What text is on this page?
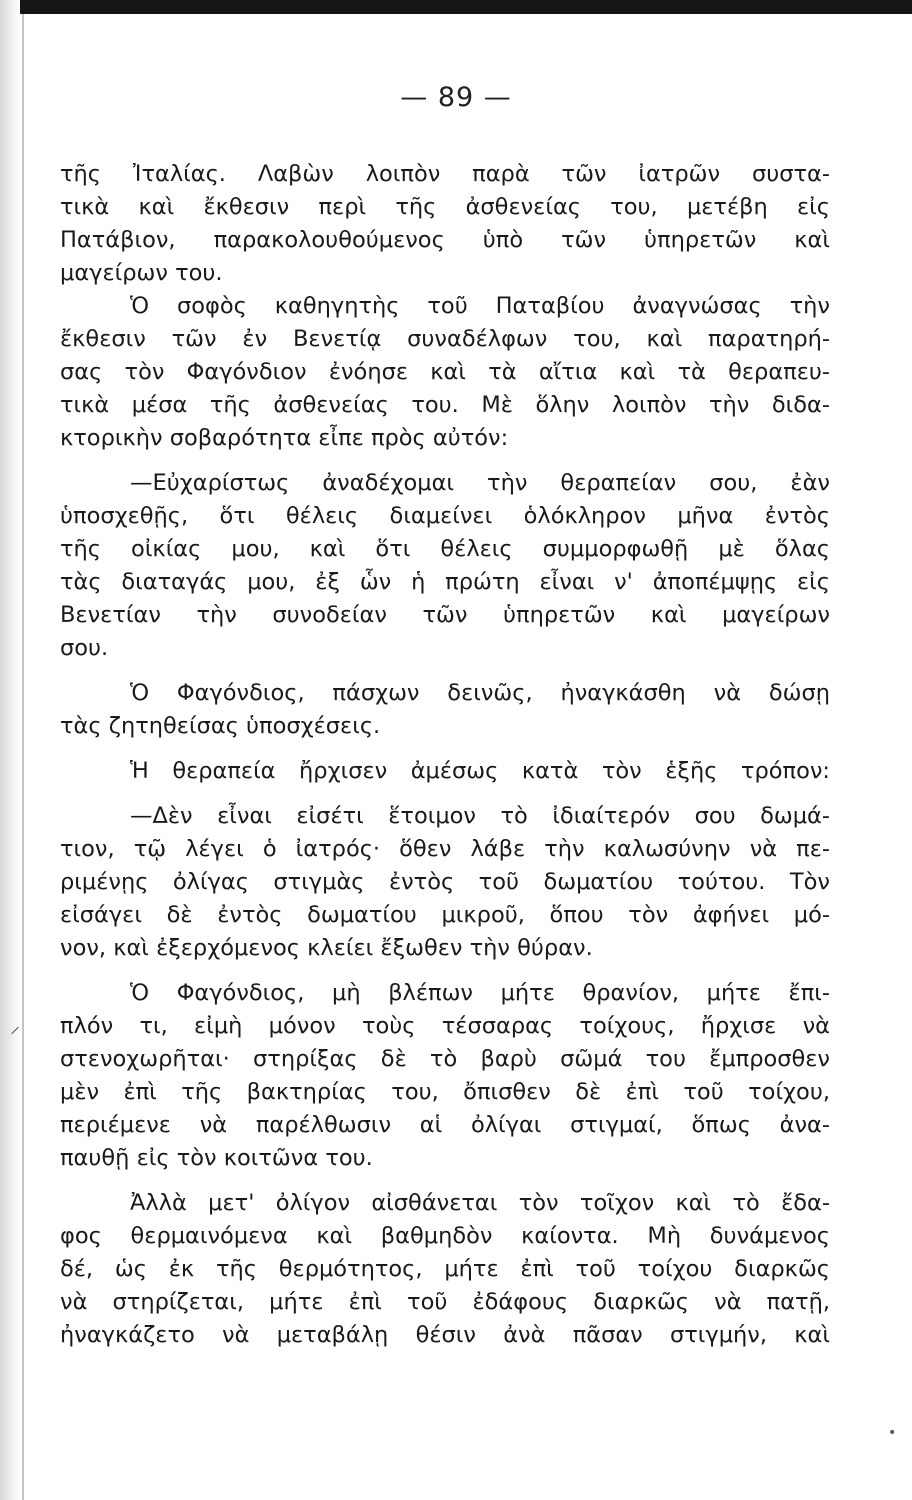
— 89 —
τῆς Ἰταλίας. Λαβὼν λοιπὸν παρὰ τῶν ἰατρῶν συστα-
τικὰ καὶ ἔκθεσιν περὶ τῆς ἀσθενείας του, μετέβη εἰς
Πατάβιον, παρακολουθούμενος ὑπὸ τῶν ὑπηρετῶν καὶ
μαγείρων του.
Ὁ σοφὸς καθηγητὴς τοῦ Παταβίου ἀναγνώσας τὴν
ἔκθεσιν τῶν ἐν Βενετίᾳ συναδέλφων του, καὶ παρατηρή-
σας τὸν Φαγόνδιον ἐνόησε καὶ τὰ αἴτια καὶ τὰ θεραπευ-
τικὰ μέσα τῆς ἀσθενείας του. Μὲ ὅλην λοιπὸν τὴν διδα-
κτορικὴν σοβαρότητα εἶπε πρὸς αὐτόν:
—Εὐχαρίστως ἀναδέχομαι τὴν θεραπείαν σου, ἐὰν
ὑποσχεθῇς, ὅτι θέλεις διαμείνει ὁλόκληρον μῆνα ἐντὸς
τῆς οἰκίας μου, καὶ ὅτι θέλεις συμμορφωθῇ μὲ ὅλας
τὰς διαταγάς μου, ἐξ ὧν ἡ πρώτη εἶναι ν' ἀποπέμψῃς εἰς
Βενετίαν τὴν συνοδείαν τῶν ὑπηρετῶν καὶ μαγείρων
σου.
Ὁ Φαγόνδιος, πάσχων δεινῶς, ἠναγκάσθη νὰ δώσῃ
τὰς ζητηθείσας ὑποσχέσεις.
Ἡ θεραπεία ἤρχισεν ἀμέσως κατὰ τὸν ἑξῆς τρόπον:
—Δὲν εἶναι εἰσέτι ἕτοιμον τὸ ἰδιαίτερόν σου δωμά-
τιον, τῷ λέγει ὁ ἰατρός· ὅθεν λάβε τὴν καλωσύνην νὰ πε-
ριμένῃς ὀλίγας στιγμὰς ἐντὸς τοῦ δωματίου τούτου. Τὸν
εἰσάγει δὲ ἐντὸς δωματίου μικροῦ, ὅπου τὸν ἀφήνει μό-
νον, καὶ ἐξερχόμενος κλείει ἔξωθεν τὴν θύραν.
Ὁ Φαγόνδιος, μὴ βλέπων μήτε θρανίον, μήτε ἔπι-
πλόν τι, εἰμὴ μόνον τοὺς τέσσαρας τοίχους, ἤρχισε νὰ
στενοχωρῆται· στηρίξας δὲ τὸ βαρὺ σῶμά του ἔμπροσθεν
μὲν ἐπὶ τῆς βακτηρίας του, ὄπισθεν δὲ ἐπὶ τοῦ τοίχου,
περιέμενε νὰ παρέλθωσιν αἱ ὀλίγαι στιγμαί, ὅπως ἀνα-
παυθῇ εἰς τὸν κοιτῶνα του.
Ἀλλὰ μετ' ὀλίγον αἰσθάνεται τὸν τοῖχον καὶ τὸ ἔδα-
φος θερμαινόμενα καὶ βαθμηδὸν καίοντα. Μὴ δυνάμενος
δέ, ὡς ἐκ τῆς θερμότητος, μήτε ἐπὶ τοῦ τοίχου διαρκῶς
νὰ στηρίζεται, μήτε ἐπὶ τοῦ ἐδάφους διαρκῶς νὰ πατῇ,
ἠναγκάζετο νὰ μεταβάλῃ θέσιν ἀνὰ πᾶσαν στιγμήν, καὶ
⸍
•
